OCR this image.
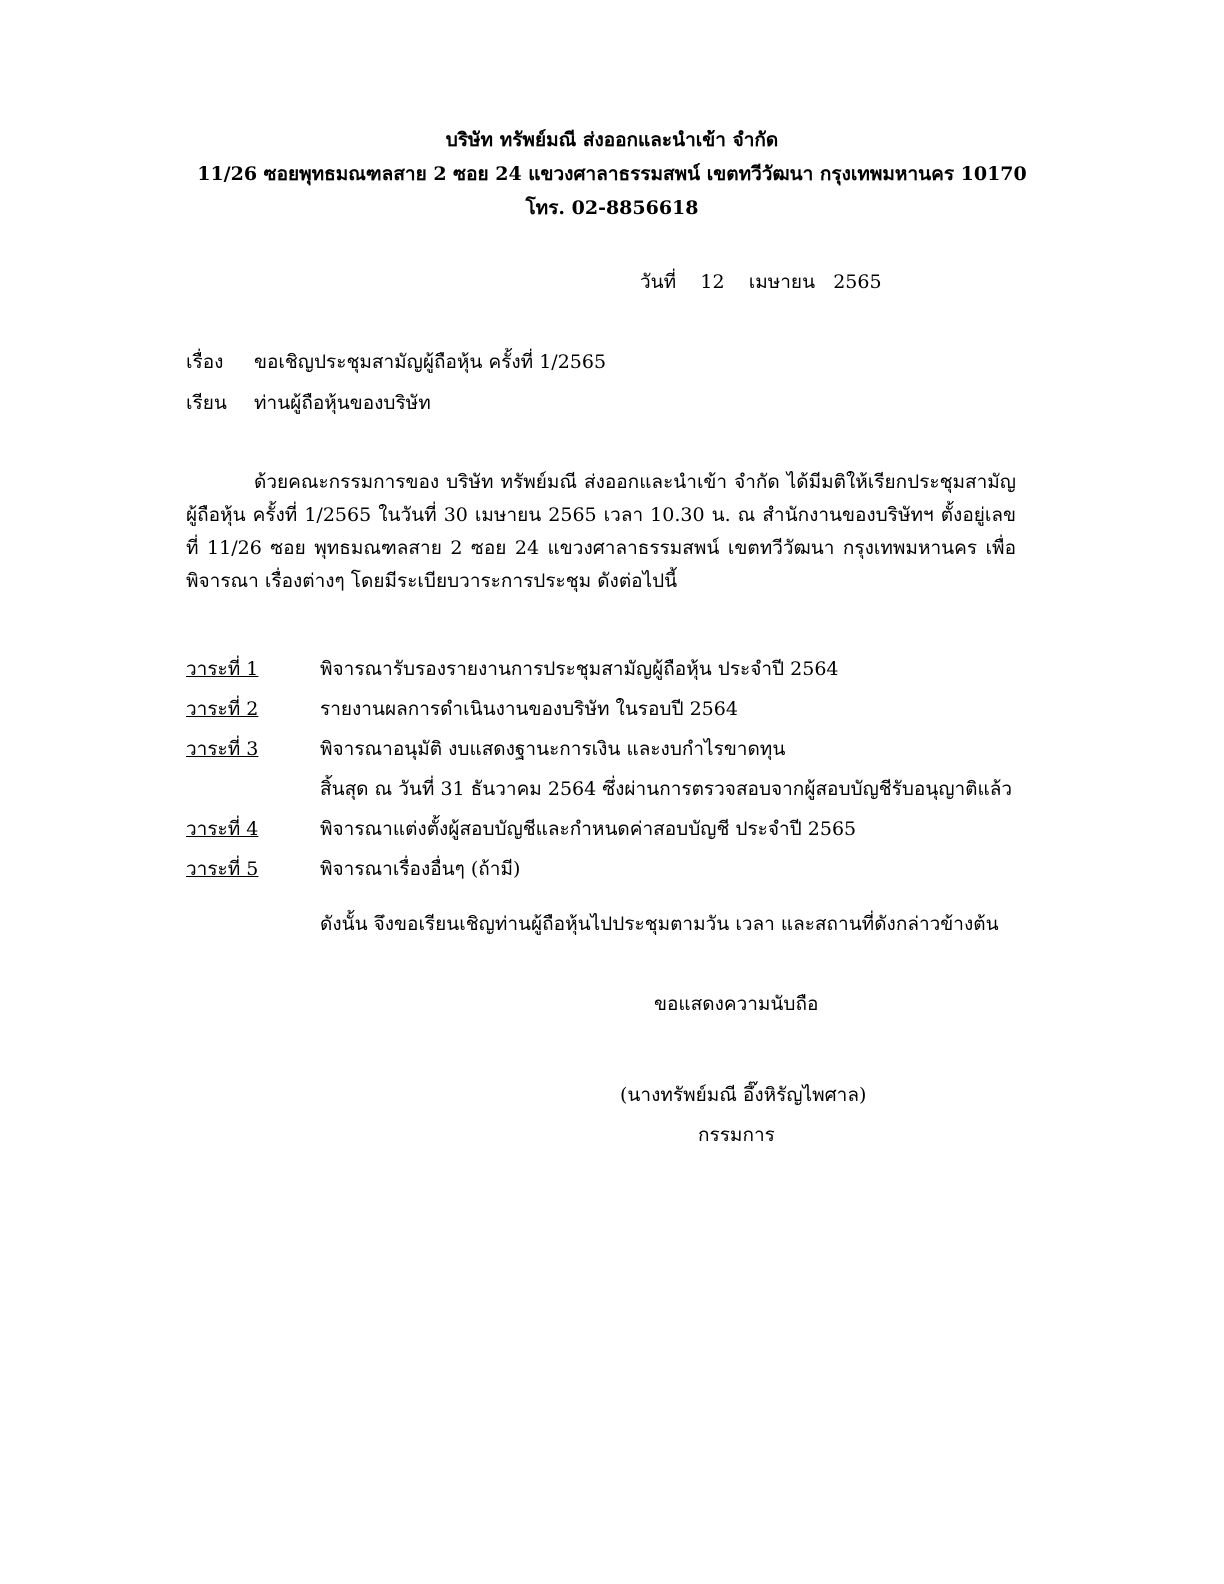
บริษัท ทรัพย์มณี ส่งออกและนำเข้า จำกัด
11/26 ซอยพุทธมณฑลสาย 2 ซอย 24 แขวงศาลาธรรมสพน์ เขตทวีวัฒนา กรุงเทพมหานคร 10170
โทร. 02-8856618
วันที่ 12 เมษายน 2565
เรื่อง ขอเชิญประชุมสามัญผู้ถือหุ้น ครั้งที่ 1/2565
เรียน ท่านผู้ถือหุ้นของบริษัท
ด้วยคณะกรรมการของ บริษัท ทรัพย์มณี ส่งออกและนำเข้า จำกัด ได้มีมติให้เรียกประชุมสามัญผู้ถือหุ้น ครั้งที่ 1/2565 ในวันที่ 30 เมษายน 2565 เวลา 10.30 น. ณ สำนักงานของบริษัทฯ ตั้งอยู่เลขที่ 11/26 ซอย พุทธมณฑลสาย 2 ซอย 24 แขวงศาลาธรรมสพน์ เขตทวีวัฒนา กรุงเทพมหานคร เพื่อพิจารณา เรื่องต่างๆ โดยมีระเบียบวาระการประชุม ดังต่อไปนี้
วาระที่ 1	พิจารณารับรองรายงานการประชุมสามัญผู้ถือหุ้น ประจำปี 2564
วาระที่ 2	รายงานผลการดำเนินงานของบริษัท ในรอบปี 2564
วาระที่ 3	พิจารณาอนุมัติ งบแสดงฐานะการเงิน และงบกำไรขาดทุน
สิ้นสุด ณ วันที่ 31 ธันวาคม 2564 ซึ่งผ่านการตรวจสอบจากผู้สอบบัญชีรับอนุญาติแล้ว
วาระที่ 4	พิจารณาแต่งตั้งผู้สอบบัญชีและกำหนดค่าสอบบัญชี ประจำปี 2565
วาระที่ 5	พิจารณาเรื่องอื่นๆ (ถ้ามี)
ดังนั้น จึงขอเรียนเชิญท่านผู้ถือหุ้นไปประชุมตามวัน เวลา และสถานที่ดังกล่าวข้างต้น
ขอแสดงความนับถือ
(นางทรัพย์มณี อึ๊งหิรัญไพศาล)
กรรมการ
